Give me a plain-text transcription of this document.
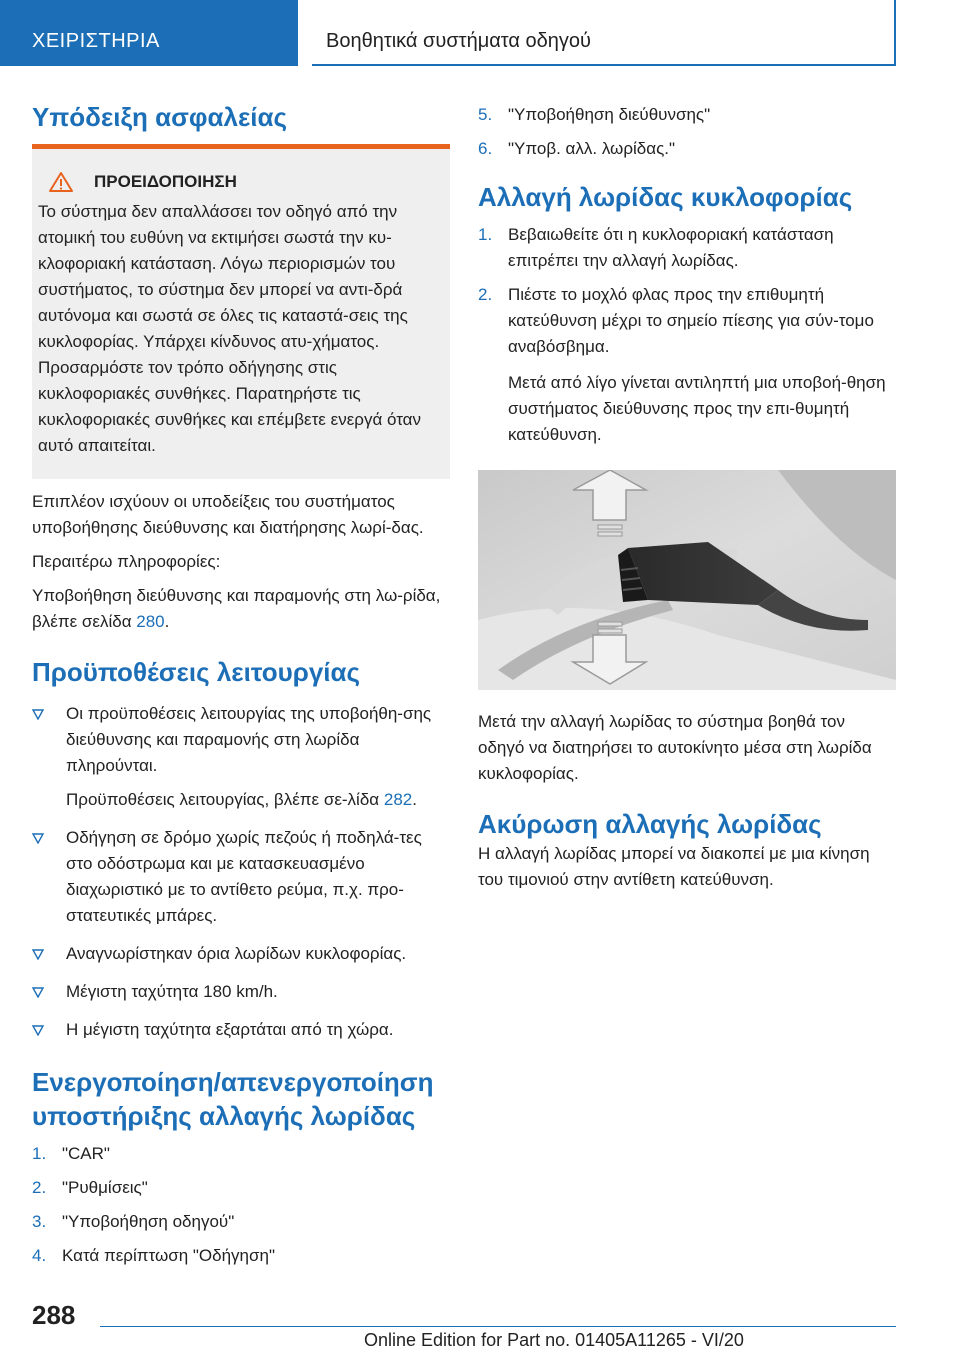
ΧΕΙΡΙΣΤΗΡΙΑ	Βοηθητικά συστήματα οδηγού
Υπόδειξη ασφαλείας
ΠΡΟΕΙΔΟΠΟΙΗΣΗ
Το σύστημα δεν απαλλάσσει τον οδηγό από την ατομική του ευθύνη να εκτιμήσει σωστά την κυ-κλοφοριακή κατάσταση. Λόγω περιορισμών του συστήματος, το σύστημα δεν μπορεί να αντι-δρά αυτόνομα και σωστά σε όλες τις καταστά-σεις της κυκλοφορίας. Υπάρχει κίνδυνος ατυ-χήματος. Προσαρμόστε τον τρόπο οδήγησης στις κυκλοφοριακές συνθήκες. Παρατηρήστε τις κυκλοφοριακές συνθήκες και επέμβετε ενεργά όταν αυτό απαιτείται.

Επιπλέον ισχύουν οι υποδείξεις του συστήματος υποβοήθησης διεύθυνσης και διατήρησης λωρί-δας.

Περαιτέρω πληροφορίες:

Υποβοήθηση διεύθυνσης και παραμονής στη λω-ρίδα, βλέπε σελίδα 280.

Προϋποθέσεις λειτουργίας
Οι προϋποθέσεις λειτουργίας της υποβοήθη-σης διεύθυνσης και παραμονής στη λωρίδα πληρούνται.
Προϋποθέσεις λειτουργίας, βλέπε σε-λίδα 282.
Οδήγηση σε δρόμο χωρίς πεζούς ή ποδηλά-τες στο οδόστρωμα και με κατασκευασμένο διαχωριστικό με το αντίθετο ρεύμα, π.χ. προ-στατευτικές μπάρες.
Αναγνωρίστηκαν όρια λωρίδων κυκλοφορίας.
Μέγιστη ταχύτητα 180 km/h.
Η μέγιστη ταχύτητα εξαρτάται από τη χώρα.
Ενεργοποίηση/απενεργοποίηση υποστήριξης αλλαγής λωρίδας
1. "CAR"
2. "Ρυθμίσεις"
3. "Υποβοήθηση οδηγού"
4. Κατά περίπτωση "Οδήγηση"
5. "Υποβοήθηση διεύθυνσης"
6. "Υποβ. αλλ. λωρίδας."
Αλλαγή λωρίδας κυκλοφορίας
1. Βεβαιωθείτε ότι η κυκλοφοριακή κατάσταση επιτρέπει την αλλαγή λωρίδας.
2. Πιέστε το μοχλό φλας προς την επιθυμητή κατεύθυνση μέχρι το σημείο πίεσης για σύν-τομο αναβόσβημα.
Μετά από λίγο γίνεται αντιληπτή μια υποβοή-θηση συστήματος διεύθυνσης προς την επι-θυμητή κατεύθυνση.

Μετά την αλλαγή λωρίδας το σύστημα βοηθά τον οδηγό να διατηρήσει το αυτοκίνητο μέσα στη λωρίδα κυκλοφορίας.

Ακύρωση αλλαγής λωρίδας

Η αλλαγή λωρίδας μπορεί να διακοπεί με μια κίνηση του τιμονιού στην αντίθετη κατεύθυνση.

288
Online Edition for Part no. 01405A11265 - VI/20
